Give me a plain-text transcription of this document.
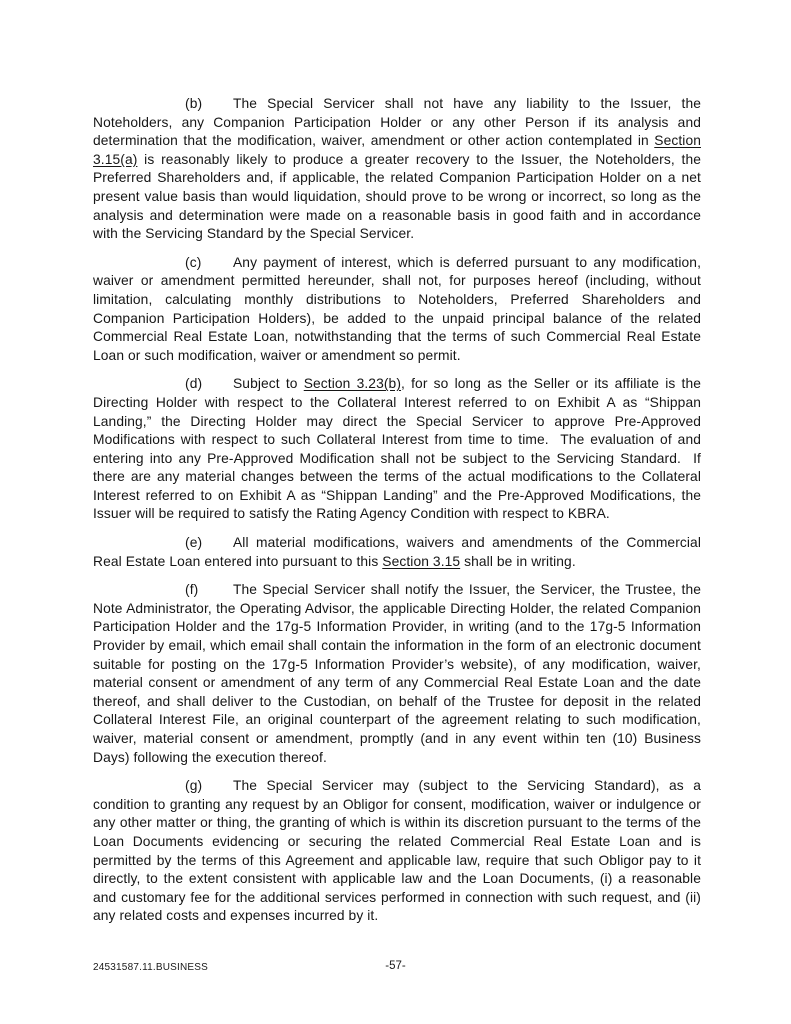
(b) The Special Servicer shall not have any liability to the Issuer, the Noteholders, any Companion Participation Holder or any other Person if its analysis and determination that the modification, waiver, amendment or other action contemplated in Section 3.15(a) is reasonably likely to produce a greater recovery to the Issuer, the Noteholders, the Preferred Shareholders and, if applicable, the related Companion Participation Holder on a net present value basis than would liquidation, should prove to be wrong or incorrect, so long as the analysis and determination were made on a reasonable basis in good faith and in accordance with the Servicing Standard by the Special Servicer.

(c) Any payment of interest, which is deferred pursuant to any modification, waiver or amendment permitted hereunder, shall not, for purposes hereof (including, without limitation, calculating monthly distributions to Noteholders, Preferred Shareholders and Companion Participation Holders), be added to the unpaid principal balance of the related Commercial Real Estate Loan, notwithstanding that the terms of such Commercial Real Estate Loan or such modification, waiver or amendment so permit.

(d) Subject to Section 3.23(b), for so long as the Seller or its affiliate is the Directing Holder with respect to the Collateral Interest referred to on Exhibit A as “Shippan Landing,” the Directing Holder may direct the Special Servicer to approve Pre-Approved Modifications with respect to such Collateral Interest from time to time.  The evaluation of and entering into any Pre-Approved Modification shall not be subject to the Servicing Standard.  If there are any material changes between the terms of the actual modifications to the Collateral Interest referred to on Exhibit A as “Shippan Landing” and the Pre-Approved Modifications, the Issuer will be required to satisfy the Rating Agency Condition with respect to KBRA.

(e) All material modifications, waivers and amendments of the Commercial Real Estate Loan entered into pursuant to this Section 3.15 shall be in writing.

(f)	The Special Servicer shall notify the Issuer, the Servicer, the Trustee, the Note Administrator, the Operating Advisor, the applicable Directing Holder, the related Companion Participation Holder and the 17g-5 Information Provider, in writing (and to the 17g-5 Information Provider by email, which email shall contain the information in the form of an electronic document suitable for posting on the 17g-5 Information Provider’s website), of any modification, waiver, material consent or amendment of any term of any Commercial Real Estate Loan and the date thereof, and shall deliver to the Custodian, on behalf of the Trustee for deposit in the related Collateral Interest File, an original counterpart of the agreement relating to such modification, waiver, material consent or amendment, promptly (and in any event within ten (10) Business Days) following the execution thereof.

(g) The Special Servicer may (subject to the Servicing Standard), as a condition to granting any request by an Obligor for consent, modification, waiver or indulgence or any other matter or thing, the granting of which is within its discretion pursuant to the terms of the Loan Documents evidencing or securing the related Commercial Real Estate Loan and is permitted by the terms of this Agreement and applicable law, require that such Obligor pay to it directly, to the extent consistent with applicable law and the Loan Documents, (i) a reasonable and customary fee for the additional services performed in connection with such request, and (ii) any related costs and expenses incurred by it.

24531587.11.BUSINESS	-57-
